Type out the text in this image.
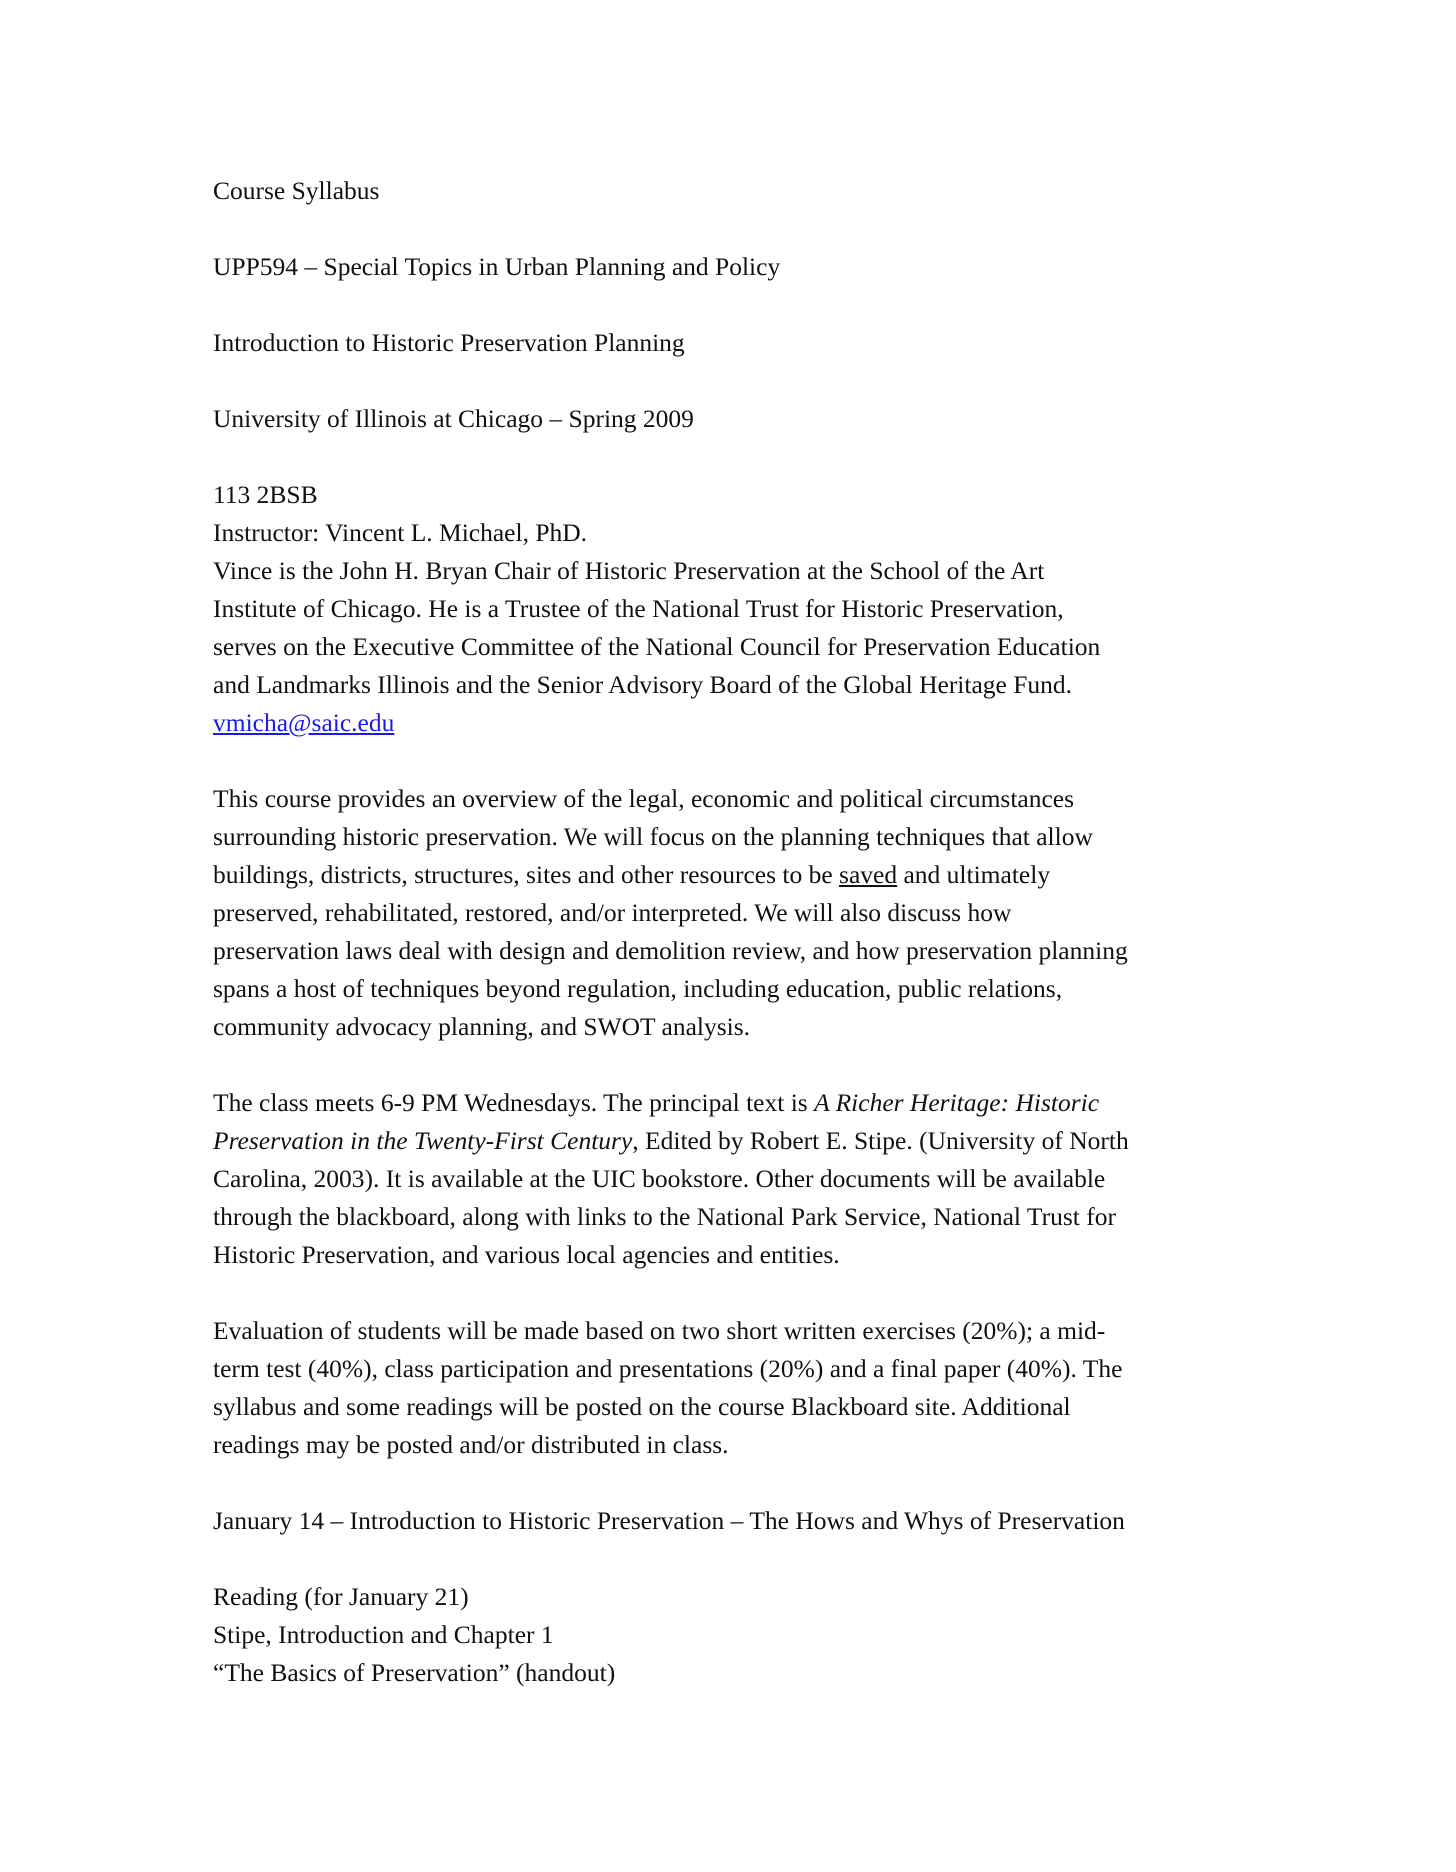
Course Syllabus
UPP594 – Special Topics in Urban Planning and Policy
Introduction to Historic Preservation Planning
University of Illinois at Chicago – Spring 2009
113 2BSB
Instructor: Vincent L. Michael, PhD.
Vince is the John H. Bryan Chair of Historic Preservation at the School of the Art
Institute of Chicago. He is a Trustee of the National Trust for Historic Preservation,
serves on the Executive Committee of the National Council for Preservation Education
and Landmarks Illinois and the Senior Advisory Board of the Global Heritage Fund.
vmicha@saic.edu
This course provides an overview of the legal, economic and political circumstances
surrounding historic preservation. We will focus on the planning techniques that allow
buildings, districts, structures, sites and other resources to be saved and ultimately
preserved, rehabilitated, restored, and/or interpreted. We will also discuss how
preservation laws deal with design and demolition review, and how preservation planning
spans a host of techniques beyond regulation, including education, public relations,
community advocacy planning, and SWOT analysis.
The class meets 6-9 PM Wednesdays. The principal text is A Richer Heritage: Historic
Preservation in the Twenty-First Century, Edited by Robert E. Stipe. (University of North
Carolina, 2003). It is available at the UIC bookstore. Other documents will be available
through the blackboard, along with links to the National Park Service, National Trust for
Historic Preservation, and various local agencies and entities.
Evaluation of students will be made based on two short written exercises (20%); a mid-
term test (40%), class participation and presentations (20%) and a final paper (40%). The
syllabus and some readings will be posted on the course Blackboard site. Additional
readings may be posted and/or distributed in class.
January 14 – Introduction to Historic Preservation – The Hows and Whys of Preservation
Reading (for January 21)
Stipe, Introduction and Chapter 1
“The Basics of Preservation” (handout)
